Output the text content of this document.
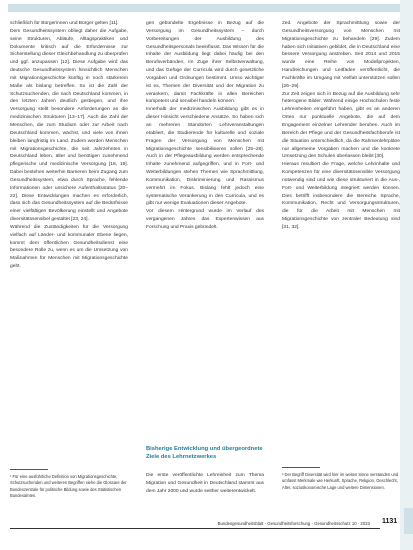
schließlich für Bürgerinnen und Bürger gelten [11].

Dem Gesundheitssystem obliegt daher die Aufgabe, seine Strukturen, Abläufe, Alltagspraktiken und Dokumente kritisch auf die Erfordernisse zur Sicherstellung dieser Gleichbehandlung zu überprüfen und ggf. anzupassen [12]. Diese Aufgabe wird das deutsche Gesundheitssystem hinsichtlich Menschen mit Migrationsgeschichte künftig in noch stärkerem Maße als bislang betreffen. So ist die Zahl der Schutzsuchenden, die nach Deutschland kommen, in den letzten Jahren deutlich gestiegen, und ihre Versorgung stellt besondere Anforderungen an die medizinischen Strukturen [13–17]. Auch die Zahl der Menschen, die zum Studium oder zur Arbeit nach Deutschland kommen, wächst, und viele von ihnen bleiben langfristig im Land. Zudem werden Menschen mit Migrationsgeschichte, die seit Jahrzehnten in Deutschland leben, älter und benötigen zunehmend pflegerische und medizinische Versorgung [18, 19]. Dabei bestehen weiterhin Barrieren beim Zugang zum Gesundheitssystem, etwa durch Sprache, fehlende Informationen oder unsichere Aufenthaltsstatus [20–22]. Diese Entwicklungen machen es erforderlich, dass sich das Gesundheitssystem auf die Bedürfnisse einer vielfältigen Bevölkerung einstellt und Angebote diversitätssensibel gestaltet [23, 24].

Während die Zuständigkeiten für die Versorgung vielfach auf Länder- und kommunaler Ebene liegen, kommt dem öffentlichen Gesundheitsdienst eine besondere Rolle zu, wenn es um die Umsetzung von Maßnahmen für Menschen mit Migrationsgeschichte geht.

gen gebündelte Ergebnisse in Bezug auf die Versorgung im Gesundheitssystem – durch Vorbereitungen der Ausbildung des Gesundheitspersonals beeinflusst. Das Wissen für die Inhalte der Ausbildung liegt dabei häufig bei den Berufsverbänden, im Zuge ihrer Selbstverwaltung, und das Gefüge der Curricula wird durch gesetzliche Vorgaben und Ordnungen bestimmt. Umso wichtiger ist es, Themen der Diversität und der Migration zu verankern, damit Fachkräfte in allen Bereichen kompetent und sensibel handeln können.

Innerhalb der medizinischen Ausbildung gibt es in dieser Hinsicht verschiedene Ansätze. So haben sich an mehreren Standorten Lehrveranstaltungen etabliert, die Studierende für kulturelle und soziale Fragen der Versorgung von Menschen mit Migrationsgeschichte sensibilisieren sollen [25–28]. Auch in der Pflegeausbildung werden entsprechende Inhalte zunehmend aufgegriffen, und in Fort- und Weiterbildungen stehen Themen wie Sprachmittlung, Kommunikation, Diskriminierung und Rassismus vermehrt im Fokus. Bislang fehlt jedoch eine systematische Verankerung in den Curricula, und es gibt nur wenige Evaluationen dieser Angebote.

Vor diesem Hintergrund wurde im Verlauf des vergangenen Jahres das Expertenwissen aus Forschung und Praxis gebündelt.

Bisherige Entwicklung und übergeordnete Ziele des Lehrnetzwerkes
Die erste veröffentlichte Lehreinheit zum Thema Migration und Gesundheit in Deutschland stammt aus dem Jahr 2000 und wurde seither weiterentwickelt.

2ed. Angebote der Sprachmittlung sowie der Gesundheitsversorgung von Menschen mit Migrationsgeschichte zu behandeln [29]. Zudem haben sich Initiativen gebildet, die in Deutschland eine bessere Versorgung anstreben. Seit 2014 und 2015 wurde eine Reihe von Modellprojekten, Handreichungen und Leitfäden veröffentlicht, die Fachkräfte im Umgang mit Vielfalt unterstützen sollen [26–29].

Zur Zeit zeigen sich in Bezug auf die Ausbildung sehr heterogene Bilder. Während einige Hochschulen feste Lehreinheiten eingeführt haben, gibt es an anderen Orten nur punktuelle Angebote, die auf dem Engagement einzelner Lehrender beruhen. Auch im Bereich der Pflege und der Gesundheitsfachberufe ist die Situation unterschiedlich, da die Rahmenlehrpläne nur allgemeine Vorgaben machen und die konkrete Umsetzung den Schulen überlassen bleibt [30].

Hieraus resultiert die Frage, welche Lehrinhalte und Kompetenzen für eine diversitätssensible Versorgung notwendig sind und wie diese strukturiert in die Aus-, Fort- und Weiterbildung integriert werden können. Dies betrifft insbesondere die Bereiche Sprache, Kommunikation, Recht und Versorgungsstrukturen, die für die Arbeit mit Menschen mit Migrationsgeschichte von zentraler Bedeutung sind [31, 32].

¹ Für eine ausführliche Definition von Migrationsgeschichte, Schutzsuchenden und weiteren Begriffen siehe die Glossare der Bundeszentrale für politische Bildung sowie des Statistischen Bundesamtes.
² Der Begriff Diversität wird hier im weiten Sinne verstanden und umfasst Merkmale wie Herkunft, Sprache, Religion, Geschlecht, Alter, sozioökonomische Lage und weitere Dimensionen.
Bundesgesundheitsblatt - Gesundheitsforschung - Gesundheitsschutz 10 · 2023 1131
